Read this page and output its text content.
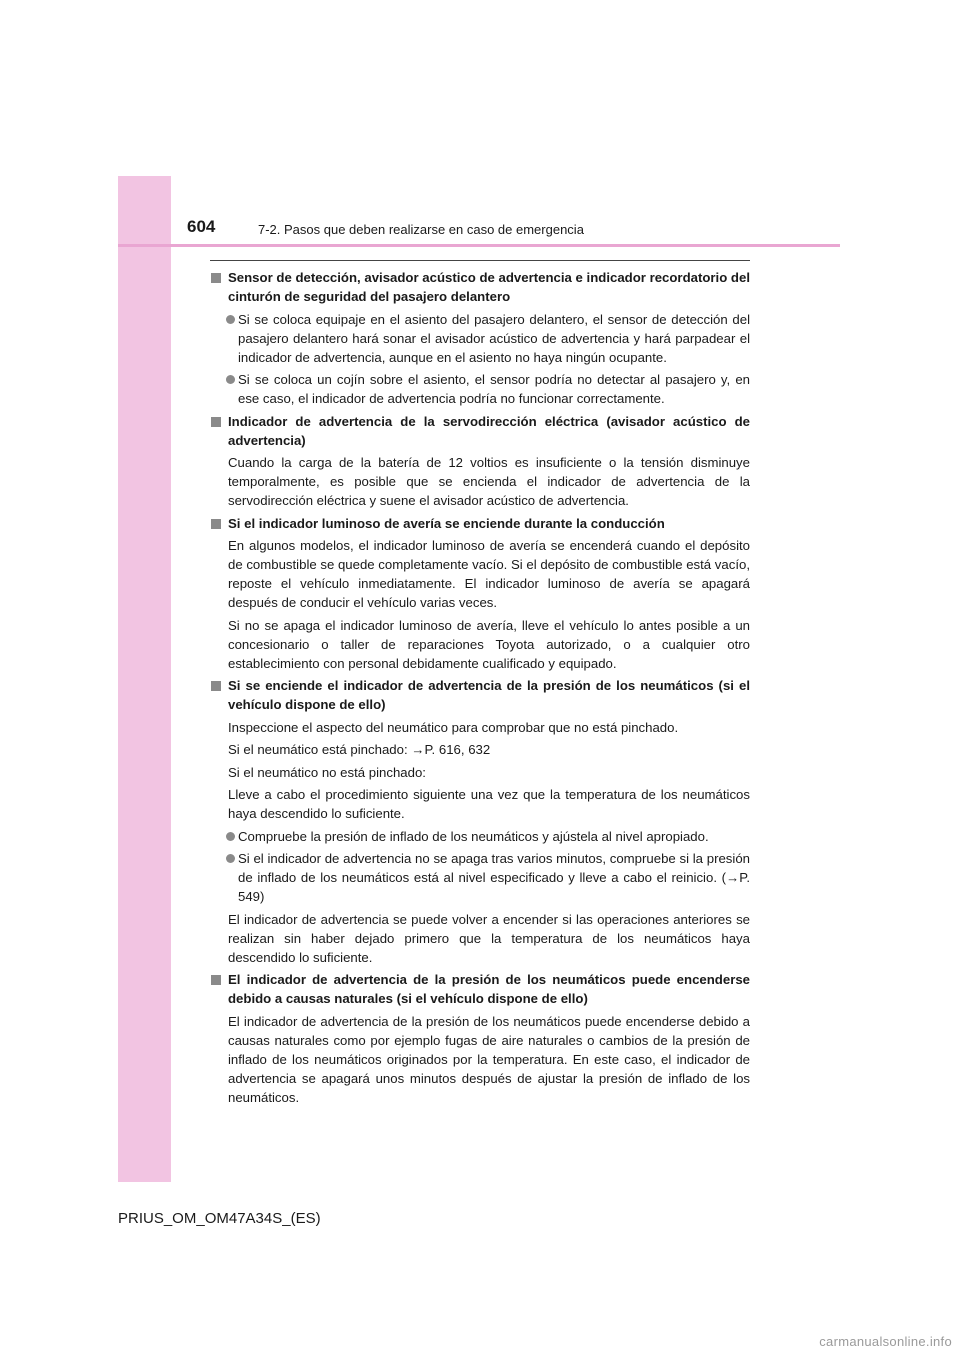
604	7-2. Pasos que deben realizarse en caso de emergencia
Sensor de detección, avisador acústico de advertencia e indicador recordatorio del cinturón de seguridad del pasajero delantero
Si se coloca equipaje en el asiento del pasajero delantero, el sensor de detección del pasajero delantero hará sonar el avisador acústico de advertencia y hará parpadear el indicador de advertencia, aunque en el asiento no haya ningún ocupante.
Si se coloca un cojín sobre el asiento, el sensor podría no detectar al pasajero y, en ese caso, el indicador de advertencia podría no funcionar correctamente.
Indicador de advertencia de la servodirección eléctrica (avisador acústico de advertencia)
Cuando la carga de la batería de 12 voltios es insuficiente o la tensión disminuye temporalmente, es posible que se encienda el indicador de advertencia de la servodirección eléctrica y suene el avisador acústico de advertencia.
Si el indicador luminoso de avería se enciende durante la conducción
En algunos modelos, el indicador luminoso de avería se encenderá cuando el depósito de combustible se quede completamente vacío. Si el depósito de combustible está vacío, reposte el vehículo inmediatamente. El indicador luminoso de avería se apagará después de conducir el vehículo varias veces.
Si no se apaga el indicador luminoso de avería, lleve el vehículo lo antes posible a un concesionario o taller de reparaciones Toyota autorizado, o a cualquier otro establecimiento con personal debidamente cualificado y equipado.
Si se enciende el indicador de advertencia de la presión de los neumáticos (si el vehículo dispone de ello)
Inspeccione el aspecto del neumático para comprobar que no está pinchado.
Si el neumático está pinchado: →P. 616, 632
Si el neumático no está pinchado:
Lleve a cabo el procedimiento siguiente una vez que la temperatura de los neumáticos haya descendido lo suficiente.
Compruebe la presión de inflado de los neumáticos y ajústela al nivel apropiado.
Si el indicador de advertencia no se apaga tras varios minutos, compruebe si la presión de inflado de los neumáticos está al nivel especificado y lleve a cabo el reinicio. (→P. 549)
El indicador de advertencia se puede volver a encender si las operaciones anteriores se realizan sin haber dejado primero que la temperatura de los neumáticos haya descendido lo suficiente.
El indicador de advertencia de la presión de los neumáticos puede encenderse debido a causas naturales (si el vehículo dispone de ello)
El indicador de advertencia de la presión de los neumáticos puede encenderse debido a causas naturales como por ejemplo fugas de aire naturales o cambios de la presión de inflado de los neumáticos originados por la temperatura. En este caso, el indicador de advertencia se apagará unos minutos después de ajustar la presión de inflado de los neumáticos.
PRIUS_OM_OM47A34S_(ES)
carmanualsonline.info
